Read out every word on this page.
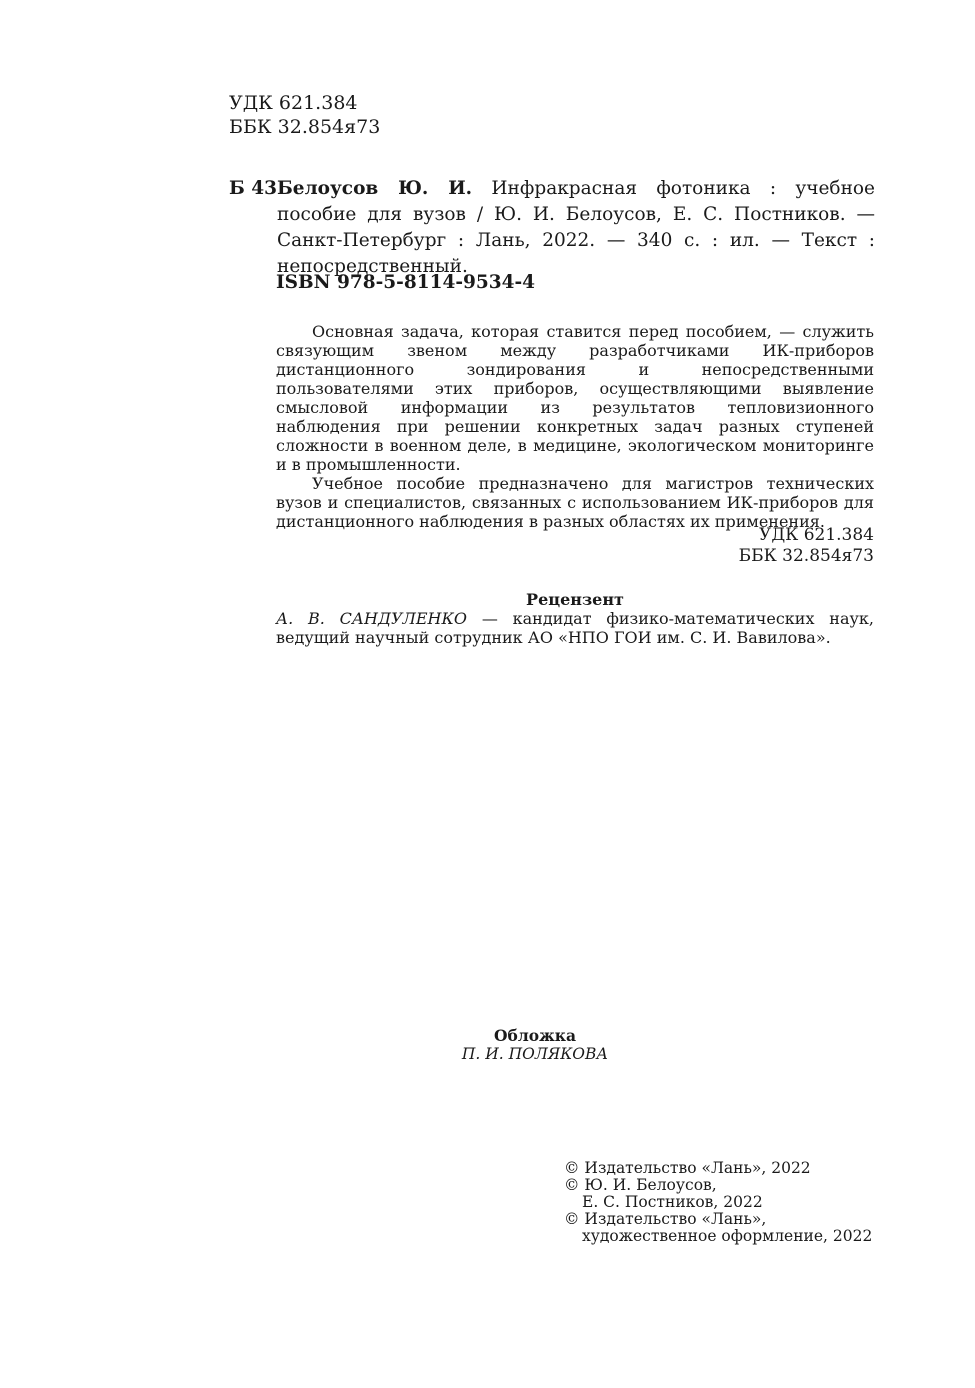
УДК 621.384
ББК 32.854я73
Б 43 Белоусов Ю. И. Инфракрасная фотоника : учебное пособие для вузов / Ю. И. Белоусов, Е. С. Постников. — Санкт-Петербург : Лань, 2022. — 340 с. : ил. — Текст : непосредственный.
ISBN 978-5-8114-9534-4

Основная задача, которая ставится перед пособием, — служить связующим звеном между разработчиками ИК-приборов дистанционного зондирования и непосредственными пользователями этих приборов, осуществляющими выявление смысловой информации из результатов тепловизионного наблюдения при решении конкретных задач разных ступеней сложности в военном деле, в медицине, экологическом мониторинге и в промышленности.

Учебное пособие предназначено для магистров технических вузов и специалистов, связанных с использованием ИК-приборов для дистанционного наблюдения в разных областях их применения.

УДК 621.384
ББК 32.854я73
Рецензент
А. В. САНДУЛЕНКО — кандидат физико-математических наук, ведущий научный сотрудник АО «НПО ГОИ им. С. И. Вавилова».
Обложка
П. И. ПОЛЯКОВА
© Издательство «Лань», 2022
© Ю. И. Белоусов,
Е. С. Постников, 2022
© Издательство «Лань»,
художественное оформление, 2022
